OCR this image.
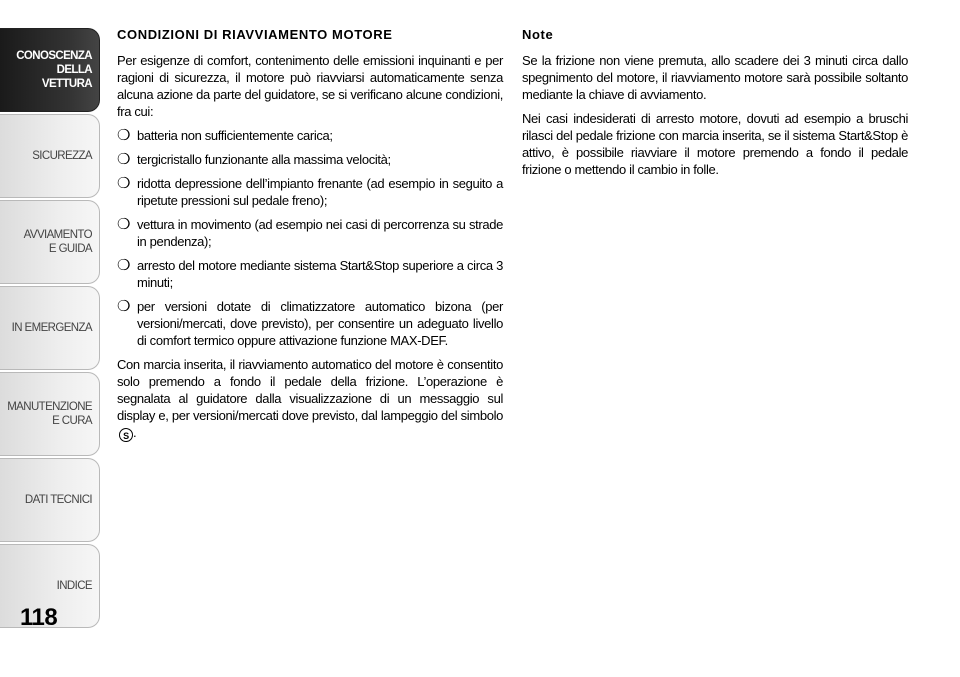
CONOSCENZA
DELLA
VETTURA
SICUREZZA
AVVIAMENTO
E GUIDA
IN EMERGENZA
MANUTENZIONE
E CURA
DATI TECNICI
INDICE
118
CONDIZIONI DI RIAVVIAMENTO MOTORE

Per esigenze di comfort, contenimento delle emissioni inquinanti e per ragioni di sicurezza, il motore può riavviarsi automaticamente senza alcuna azione da parte del guidatore, se si verificano alcune condizioni, fra cui:

❍ batteria non sufficientemente carica;
❍ tergicristallo funzionante alla massima velocità;
❍ ridotta depressione dell’impianto frenante (ad esempio in seguito a ripetute pressioni sul pedale freno);
❍ vettura in movimento (ad esempio nei casi di percorrenza su strade in pendenza);
❍ arresto del motore mediante sistema Start&Stop superiore a circa 3 minuti;
❍ per versioni dotate di climatizzatore automatico bizona (per versioni/mercati, dove previsto), per consentire un adeguato livello di comfort termico oppure attivazione funzione MAX-DEF.

Con marcia inserita, il riavviamento automatico del motore è consentito solo premendo a fondo il pedale della frizione. L’operazione è segnalata al guidatore dalla visualizzazione di un messaggio sul display e, per versioni/mercati dove previsto, dal lampeggio del simbolo S .

Note

Se la frizione non viene premuta, allo scadere dei 3 minuti circa dallo spegnimento del motore, il riavviamento motore sarà possibile soltanto mediante la chiave di avviamento.

Nei casi indesiderati di arresto motore, dovuti ad esempio a bruschi rilasci del pedale frizione con marcia inserita, se il sistema Start&Stop è attivo, è possibile riavviare il motore premendo a fondo il pedale frizione o mettendo il cambio in folle.
